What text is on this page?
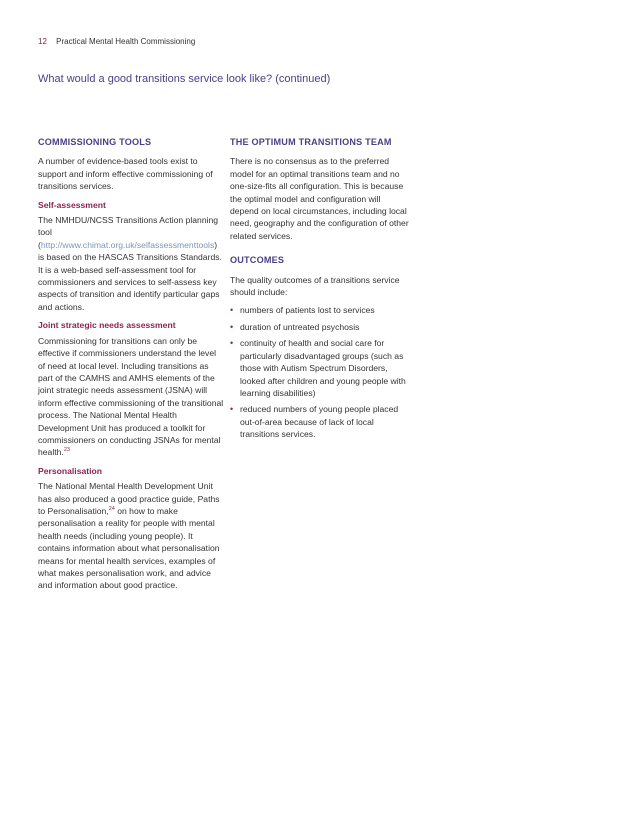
12 Practical Mental Health Commissioning
What would a good transitions service look like? (continued)
COMMISSIONING TOOLS

A number of evidence-based tools exist to support and inform effective commissioning of transitions services.

Self-assessment

The NMHDU/NCSS Transitions Action planning tool (http://www.chimat.org.uk/selfassessmenttools) is based on the HASCAS Transitions Standards. It is a web-based self-assessment tool for commissioners and services to self-assess key aspects of transition and identify particular gaps and actions.

Joint strategic needs assessment

Commissioning for transitions can only be effective if commissioners understand the level of need at local level. Including transitions as part of the CAMHS and AMHS elements of the joint strategic needs assessment (JSNA) will inform effective commissioning of the transitional process. The National Mental Health Development Unit has produced a toolkit for commissioners on conducting JSNAs for mental health.$^{23}$

Personalisation

The National Mental Health Development Unit has also produced a good practice guide, Paths to Personalisation,$^{24}$ on how to make personalisation a reality for people with mental health needs (including young people). It contains information about what personalisation means for mental health services, examples of what makes personalisation work, and advice and information about good practice.

THE OPTIMUM TRANSITIONS TEAM

There is no consensus as to the preferred model for an optimal transitions team and no one-size-fits all configuration. This is because the optimal model and configuration will depend on local circumstances, including local need, geography and the configuration of other related services.

OUTCOMES

The quality outcomes of a transitions service should include:

• numbers of patients lost to services
• duration of untreated psychosis
• continuity of health and social care for particularly disadvantaged groups (such as those with Autism Spectrum Disorders, looked after children and young people with learning disabilities)
• reduced numbers of young people placed out-of-area because of lack of local transitions services.
